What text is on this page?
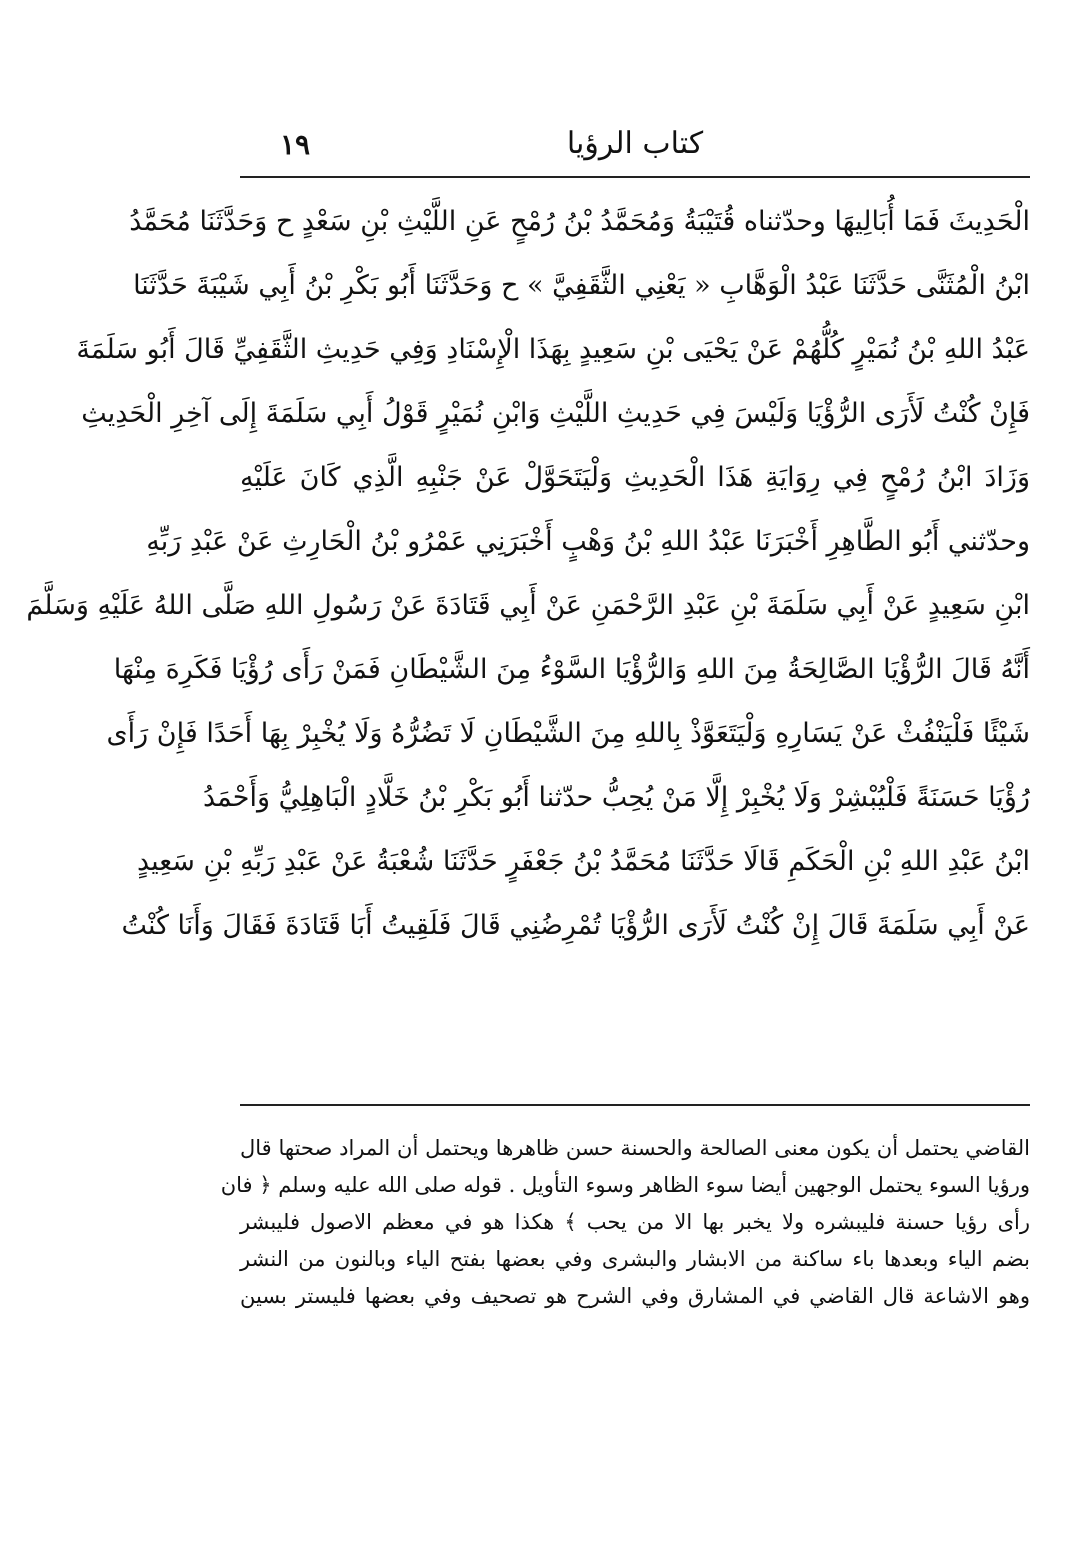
١٩	كتاب الرؤيا
الْحَدِيثَ فَمَا أُبَالِيهَا وحدّثناه قُتَيْبَةُ وَمُحَمَّدُ بْنُ رُمْحٍ عَنِ اللَّيْثِ بْنِ سَعْدٍ ح وَحَدَّثَنَا مُحَمَّدُ
ابْنُ الْمُثَنَّى حَدَّثَنَا عَبْدُ الْوَهَّابِ « يَعْنِي الثَّقَفِيَّ » ح وَحَدَّثَنَا أَبُو بَكْرِ بْنُ أَبِي شَيْبَةَ حَدَّثَنَا
عَبْدُ اللهِ بْنُ نُمَيْرٍ كُلُّهُمْ عَنْ يَحْيَى بْنِ سَعِيدٍ بِهَذَا الْإِسْنَادِ وَفِي حَدِيثِ الثَّقَفِيِّ قَالَ أَبُو سَلَمَةَ
فَإِنْ كُنْتُ لَأَرَى الرُّؤْيَا وَلَيْسَ فِي حَدِيثِ اللَّيْثِ وَابْنِ نُمَيْرٍ قَوْلُ أَبِي سَلَمَةَ إِلَى آخِرِ الْحَدِيثِ
وَزَادَ ابْنُ رُمْحٍ فِي رِوَايَةِ هَذَا الْحَدِيثِ وَلْيَتَحَوَّلْ عَنْ جَنْبِهِ الَّذِي كَانَ عَلَيْهِ
وحدّثني أَبُو الطَّاهِرِ أَخْبَرَنَا عَبْدُ اللهِ بْنُ وَهْبٍ أَخْبَرَنِي عَمْرُو بْنُ الْحَارِثِ عَنْ عَبْدِ رَبِّهِ
ابْنِ سَعِيدٍ عَنْ أَبِي سَلَمَةَ بْنِ عَبْدِ الرَّحْمَنِ عَنْ أَبِي قَتَادَةَ عَنْ رَسُولِ اللهِ صَلَّى اللهُ عَلَيْهِ وَسَلَّمَ
أَنَّهُ قَالَ الرُّؤْيَا الصَّالِحَةُ مِنَ اللهِ وَالرُّؤْيَا السَّوْءُ مِنَ الشَّيْطَانِ فَمَنْ رَأَى رُؤْيَا فَكَرِهَ مِنْهَا
شَيْئًا فَلْيَنْفُثْ عَنْ يَسَارِهِ وَلْيَتَعَوَّذْ بِاللهِ مِنَ الشَّيْطَانِ لَا تَضُرُّهُ وَلَا يُخْبِرْ بِهَا أَحَدًا فَإِنْ رَأَى
رُؤْيَا حَسَنَةً فَلْيُبْشِرْ وَلَا يُخْبِرْ إِلَّا مَنْ يُحِبُّ حدّثنا أَبُو بَكْرِ بْنُ خَلَّادٍ الْبَاهِلِيُّ وَأَحْمَدُ
ابْنُ عَبْدِ اللهِ بْنِ الْحَكَمِ قَالَا حَدَّثَنَا مُحَمَّدُ بْنُ جَعْفَرٍ حَدَّثَنَا شُعْبَةُ عَنْ عَبْدِ رَبِّهِ بْنِ سَعِيدٍ
عَنْ أَبِي سَلَمَةَ قَالَ إِنْ كُنْتُ لَأَرَى الرُّؤْيَا تُمْرِضُنِي قَالَ فَلَقِيتُ أَبَا قَتَادَةَ فَقَالَ وَأَنَا كُنْتُ
القاضي يحتمل أن يكون معنى الصالحة والحسنة حسن ظاهرها ويحتمل أن المراد صحتها قال
ورؤيا السوء يحتمل الوجهين أيضا سوء الظاهر وسوء التأويل . قوله صلى الله عليه وسلم ﴿ فان
رأى رؤيا حسنة فليبشره ولا يخبر بها الا من يحب ﴾ هكذا هو في معظم الاصول فليبشر
بضم الياء وبعدها باء ساكنة من الابشار والبشرى وفي بعضها بفتح الياء وبالنون من النشر
وهو الاشاعة قال القاضي في المشارق وفي الشرح هو تصحيف وفي بعضها فليستر بسين
